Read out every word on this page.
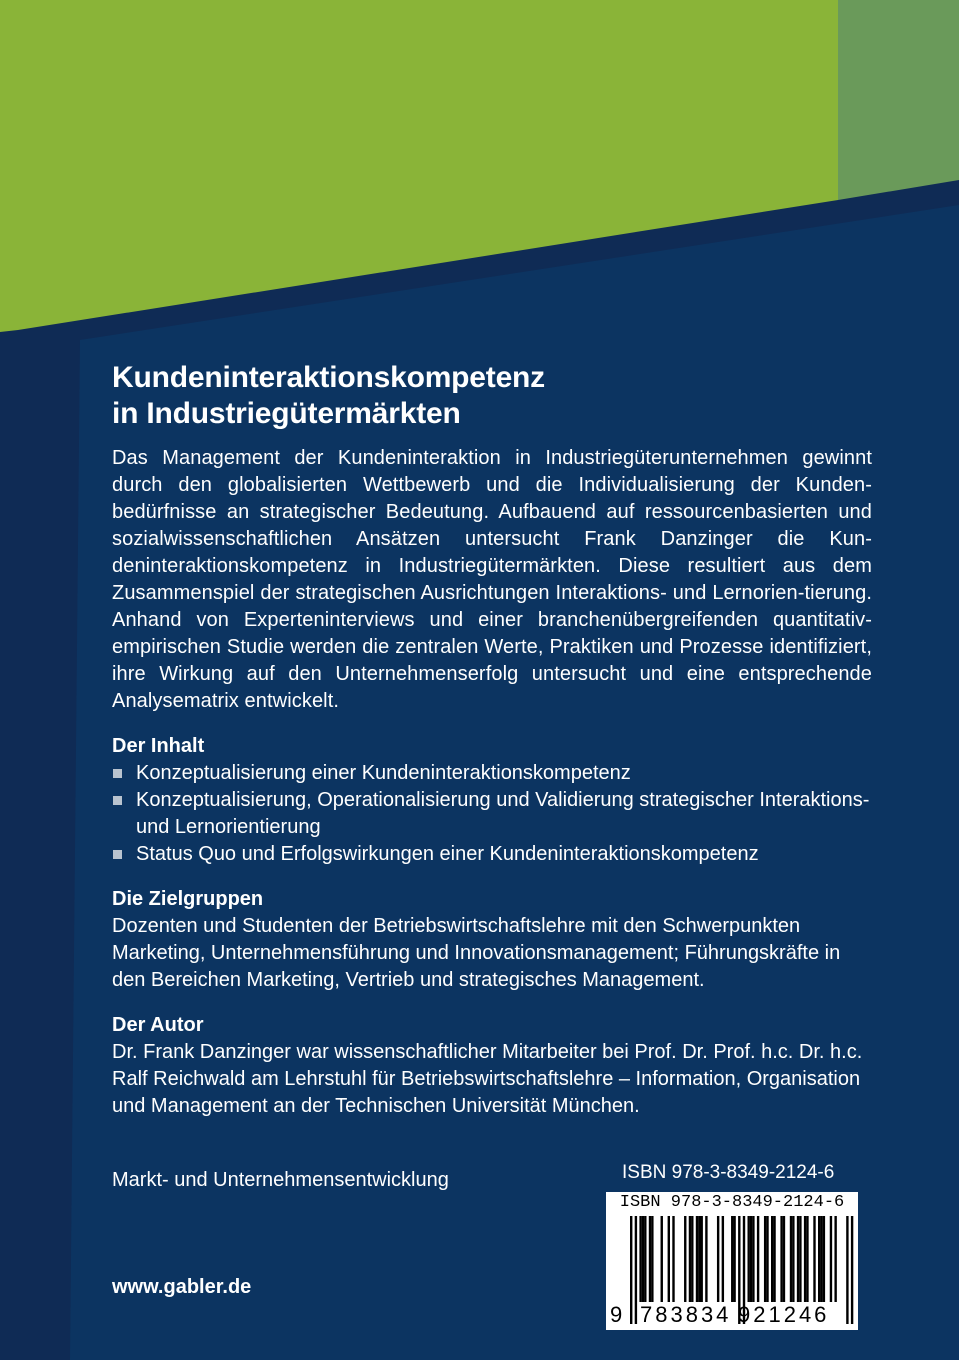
Kundeninteraktionskompetenz
in Industriegütermärkten

Das Management der Kundeninteraktion in Industriegüterunternehmen gewinnt durch den globalisierten Wettbewerb und die Individualisierung der Kunden-bedürfnisse an strategischer Bedeutung. Aufbauend auf ressourcenbasierten und sozialwissenschaftlichen Ansätzen untersucht Frank Danzinger die Kun-deninteraktionskompetenz in Industriegütermärkten. Diese resultiert aus dem Zusammenspiel der strategischen Ausrichtungen Interaktions- und Lernorien-tierung. Anhand von Experteninterviews und einer branchenübergreifenden quantitativ-empirischen Studie werden die zentralen Werte, Praktiken und Prozesse identifiziert, ihre Wirkung auf den Unternehmenserfolg untersucht und eine entsprechende Analysematrix entwickelt.

Der Inhalt
Konzeptualisierung einer Kundeninteraktionskompetenz
Konzeptualisierung, Operationalisierung und Validierung strategischer Interaktions- und Lernorientierung
Status Quo und Erfolgswirkungen einer Kundeninteraktionskompetenz
Die Zielgruppen

Dozenten und Studenten der Betriebswirtschaftslehre mit den Schwerpunkten Marketing, Unternehmensführung und Innovationsmanagement; Führungskräfte in den Bereichen Marketing, Vertrieb und strategisches Management.

Der Autor

Dr. Frank Danzinger war wissenschaftlicher Mitarbeiter bei Prof. Dr. Prof. h.c. Dr. h.c. Ralf Reichwald am Lehrstuhl für Betriebswirtschaftslehre – Information, Organisation und Management an der Technischen Universität München.

Markt- und Unternehmensentwicklung
www.gabler.de
ISBN 978-3-8349-2124-6
ISBN 978-3-8349-2124-6
9 783834 921246
